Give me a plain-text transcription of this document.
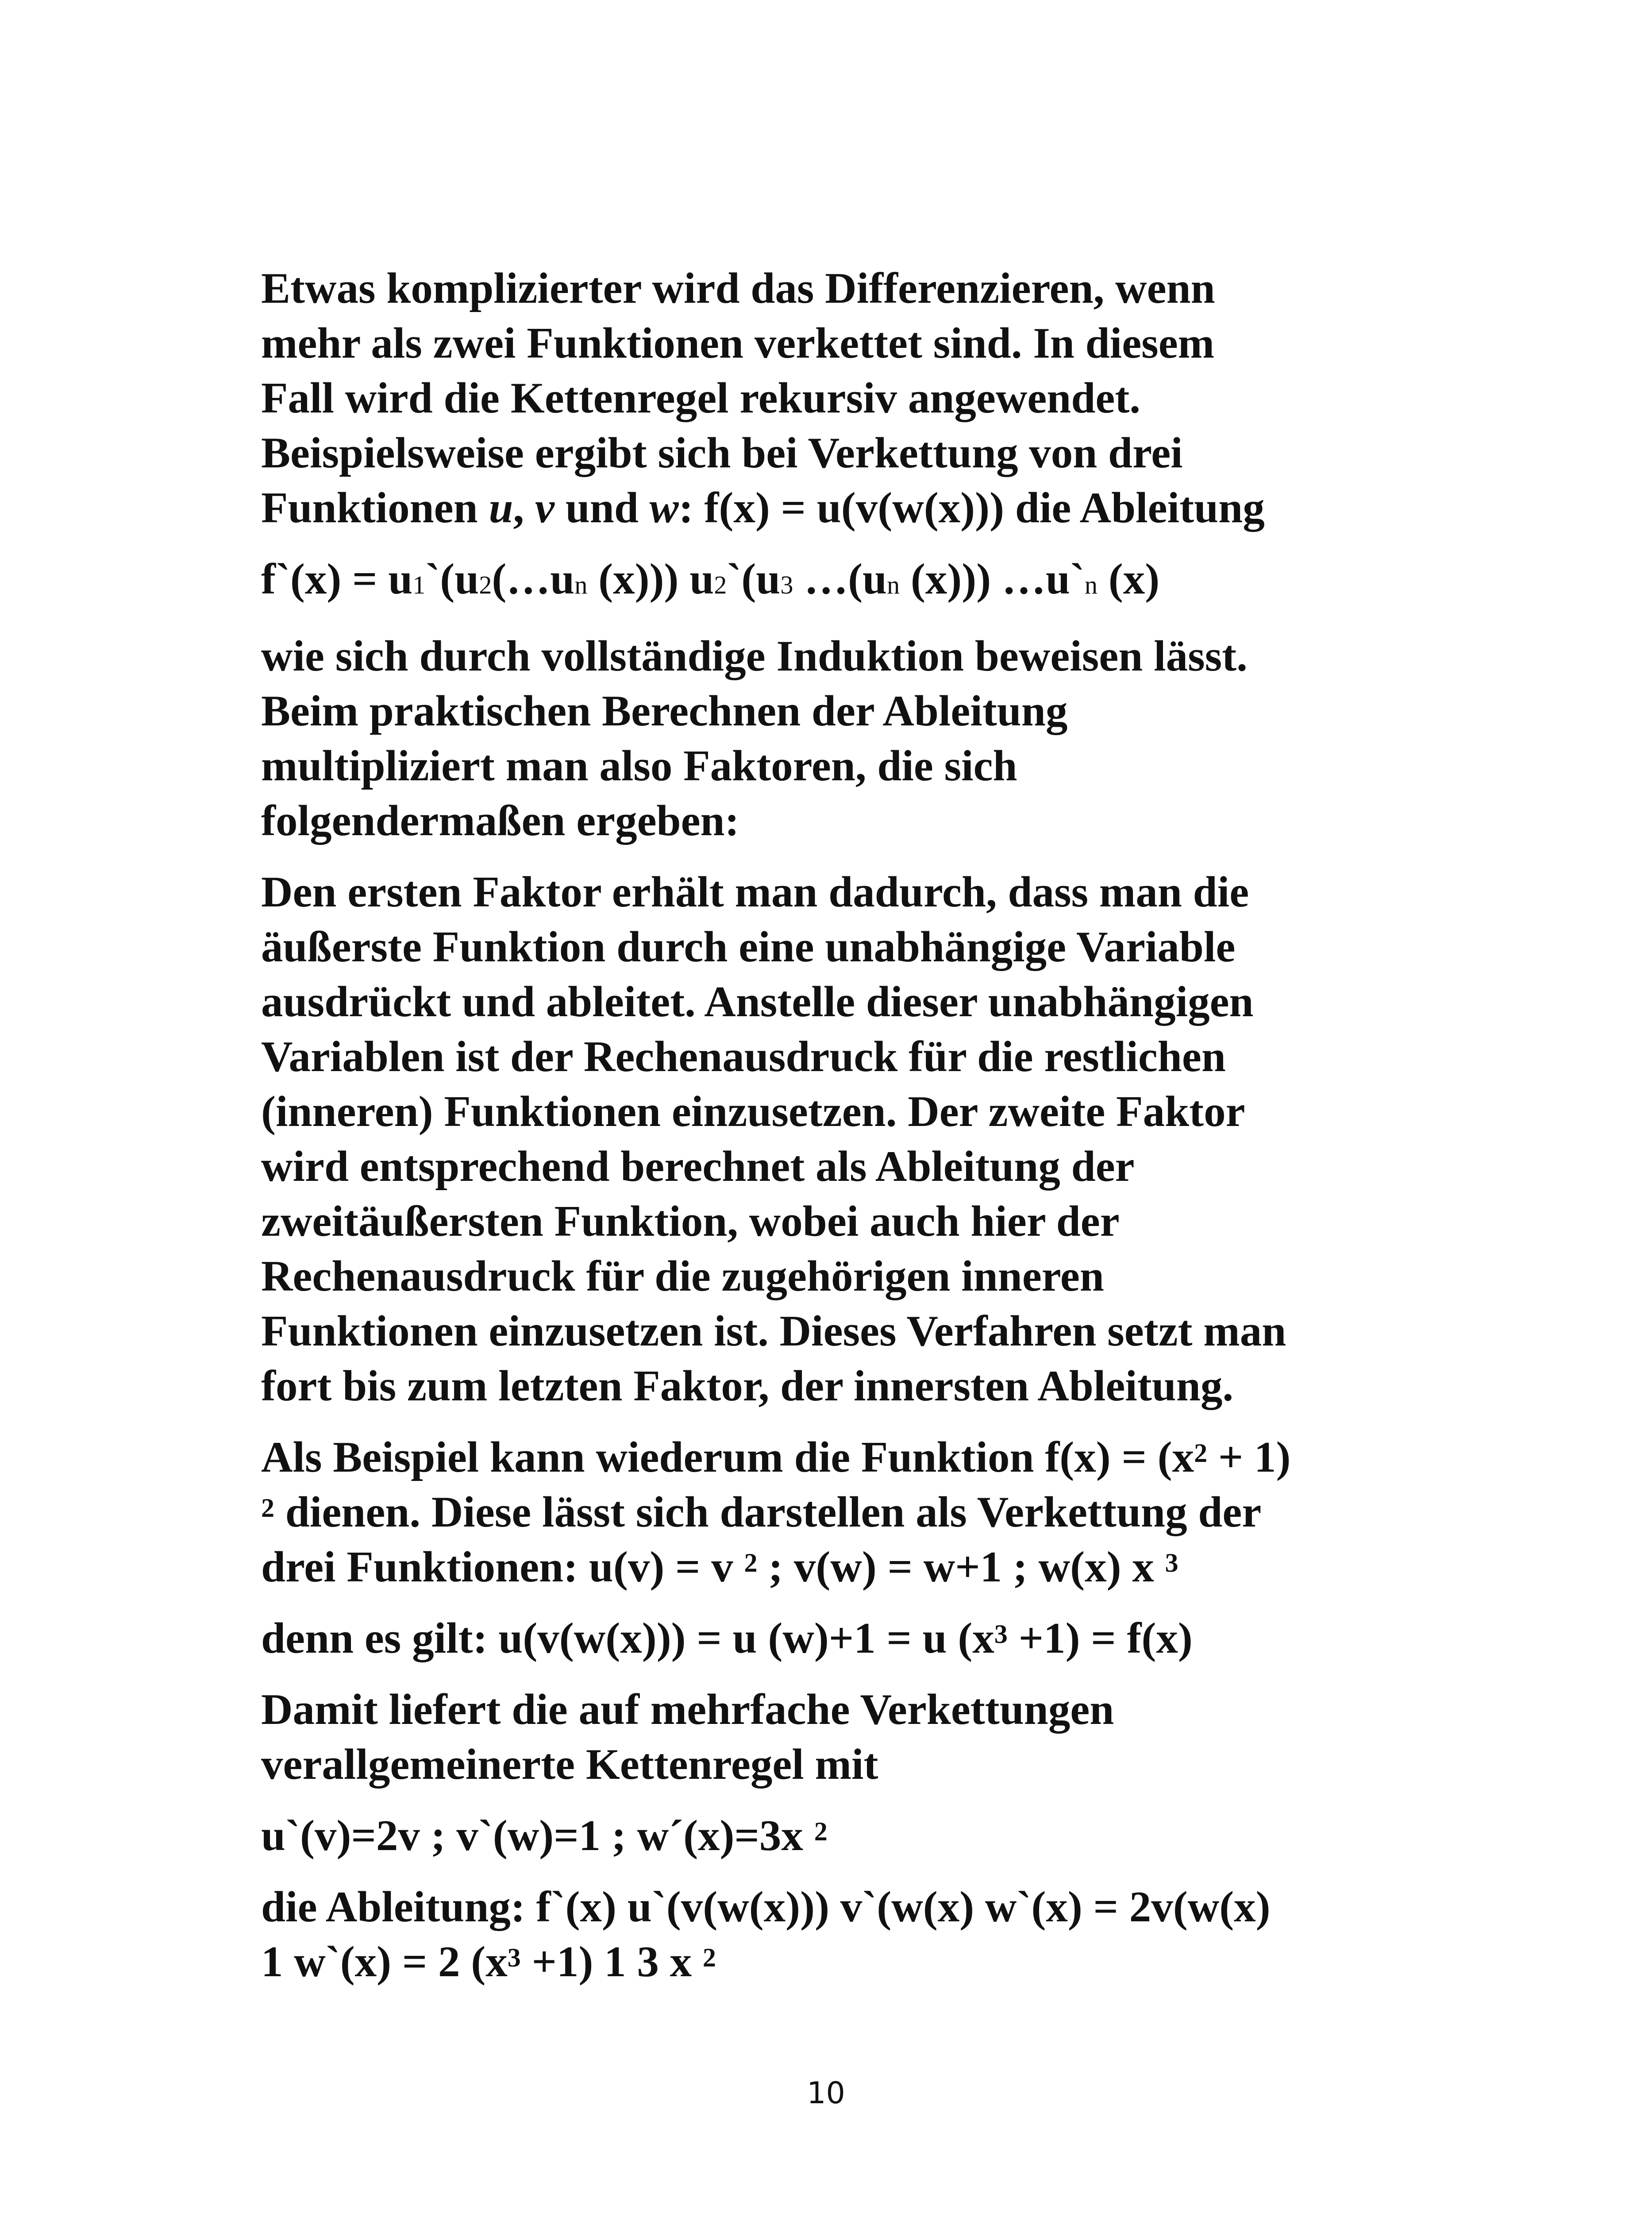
Etwas komplizierter wird das Differenzieren, wenn
mehr als zwei Funktionen verkettet sind. In diesem
Fall wird die Kettenregel rekursiv angewendet.
Beispielsweise ergibt sich bei Verkettung von drei
Funktionen u, v und w: f(x) = u(v(w(x))) die Ableitung

f`(x) = u1`(u2(…un (x))) u2`(u3 …(un (x))) …u`n (x)

wie sich durch vollständige Induktion beweisen lässt.
Beim praktischen Berechnen der Ableitung
multipliziert man also Faktoren, die sich
folgendermaßen ergeben:

Den ersten Faktor erhält man dadurch, dass man die
äußerste Funktion durch eine unabhängige Variable
ausdrückt und ableitet. Anstelle dieser unabhängigen
Variablen ist der Rechenausdruck für die restlichen
(inneren) Funktionen einzusetzen. Der zweite Faktor
wird entsprechend berechnet als Ableitung der
zweitäußersten Funktion, wobei auch hier der
Rechenausdruck für die zugehörigen inneren
Funktionen einzusetzen ist. Dieses Verfahren setzt man
fort bis zum letzten Faktor, der innersten Ableitung.

Als Beispiel kann wiederum die Funktion $f(x) = (x^2 + 1)$
$^2$ dienen. Diese lässt sich darstellen als Verkettung der
drei Funktionen: u(v) = v $^2$ ; v(w) = w+1 ; w(x) x $^3$

denn es gilt: u(v(w(x))) = u (w)+1 = u $(x^3 +1) = f(x)$

Damit liefert die auf mehrfache Verkettungen
verallgemeinerte Kettenregel mit

u`(v)=2v ; v`(w)=1 ; w´(x)=3x $^2$

die Ableitung: f`(x) u`(v(w(x))) v`(w(x) w`(x) = 2v(w(x)
1 w`(x) = 2 $(x^3 +1)$ 1 3 x $^2$

10
